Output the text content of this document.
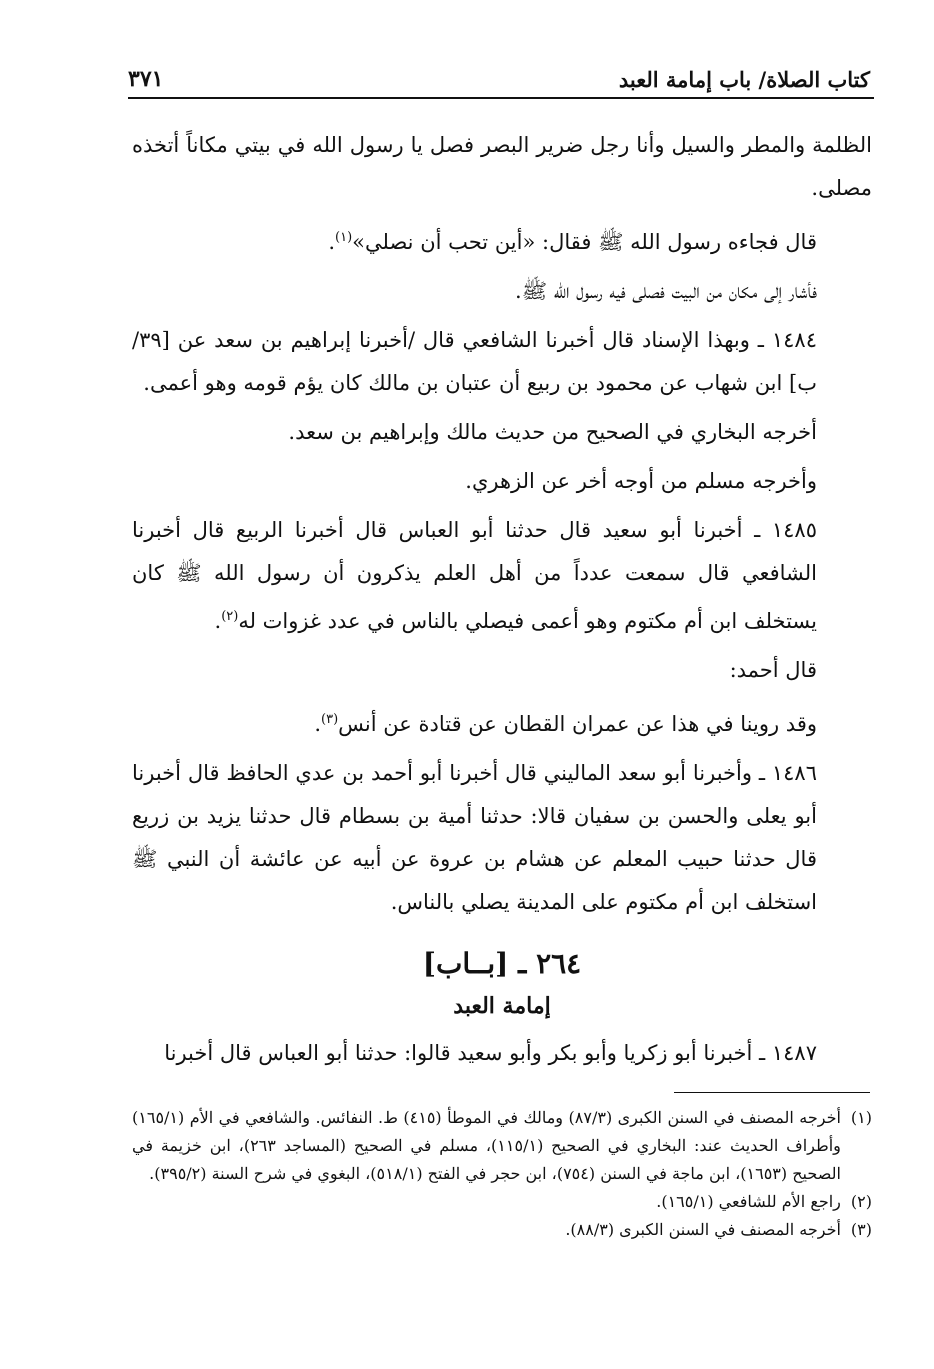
كتاب الصلاة/ باب إمامة العبد
٣٧١

الظلمة والمطر والسيل وأنا رجل ضرير البصر فصل يا رسول الله في بيتي مكاناً أتخذه مصلى.

قال فجاءه رسول الله ﷺ فقال: «أين تحب أن نصلي»$^{(١)}$.

فأشار إلى مكان من البيت فصلى فيه رسول الله ﷺ.

١٤٨٤ ـ وبهذا الإسناد قال أخبرنا الشافعي قال /أخبرنا إبراهيم بن سعد عن [٣٩/ ب] ابن شهاب عن محمود بن ربيع أن عتبان بن مالك كان يؤم قومه وهو أعمى.

أخرجه البخاري في الصحيح من حديث مالك وإبراهيم بن سعد.

وأخرجه مسلم من أوجه أخر عن الزهري.

١٤٨٥ ـ أخبرنا أبو سعيد قال حدثنا أبو العباس قال أخبرنا الربيع قال أخبرنا الشافعي قال سمعت عدداً من أهل العلم يذكرون أن رسول الله ﷺ كان يستخلف ابن أم مكتوم وهو أعمى فيصلي بالناس في عدد غزوات له$^{(٢)}$.

قال أحمد:

وقد روينا في هذا عن عمران القطان عن قتادة عن أنس$^{(٣)}$.

١٤٨٦ ـ وأخبرنا أبو سعد الماليني قال أخبرنا أبو أحمد بن عدي الحافظ قال أخبرنا أبو يعلى والحسن بن سفيان قالا: حدثنا أمية بن بسطام قال حدثنا يزيد بن زريع قال حدثنا حبيب المعلم عن هشام بن عروة عن أبيه عن عائشة أن النبي ﷺ استخلف ابن أم مكتوم على المدينة يصلي بالناس.

٢٦٤ ـ [بــاب]
إمامة العبد

١٤٨٧ ـ أخبرنا أبو زكريا وأبو بكر وأبو سعيد قالوا: حدثنا أبو العباس قال أخبرنا

(١)
أخرجه المصنف في السنن الكبرى (٨٧/٣) ومالك في الموطأ (٤١٥) ط. النفائس. والشافعي في الأم (١٦٥/١) وأطراف الحديث عند: البخاري في الصحيح (١١٥/١)، مسلم في الصحيح (المساجد ٢٦٣)، ابن خزيمة في الصحيح (١٦٥٣)، ابن ماجة في السنن (٧٥٤)، ابن حجر في الفتح (٥١٨/١)، البغوي في شرح السنة (٣٩٥/٢).
(٢)
راجع الأم للشافعي (١٦٥/١).
(٣)
أخرجه المصنف في السنن الكبرى (٨٨/٣).
